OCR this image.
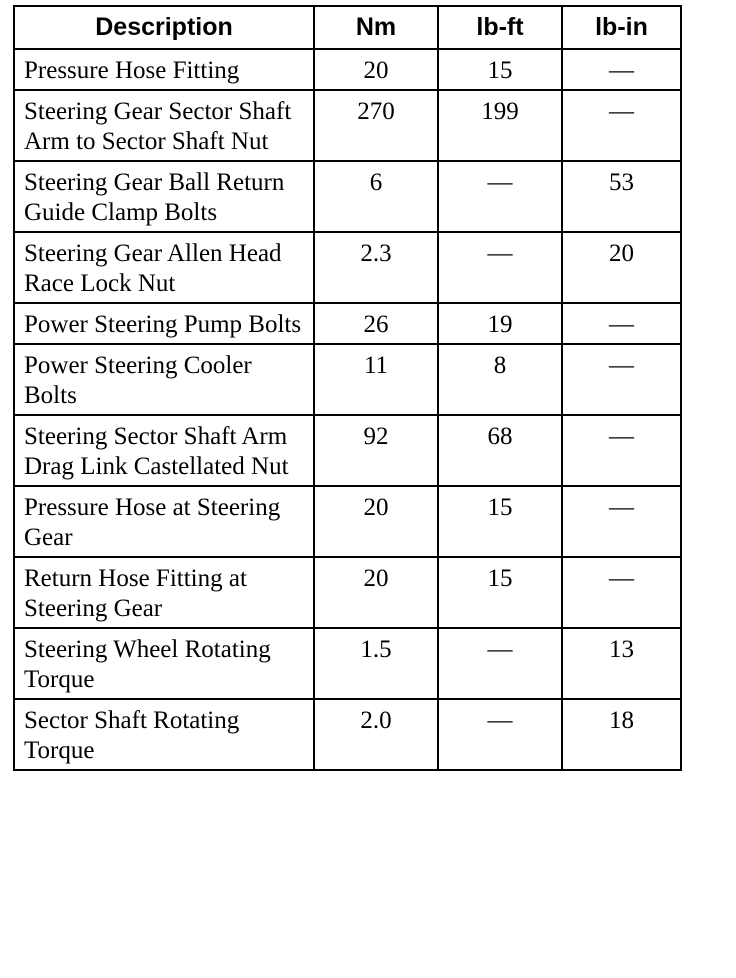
Description	Nm	lb-ft	lb-in
Pressure Hose Fitting	20	15	—
Steering Gear Sector Shaft Arm to Sector Shaft Nut	270	199	—
Steering Gear Ball Return Guide Clamp Bolts	6	—	53
Steering Gear Allen Head Race Lock Nut	2.3	—	20
Power Steering Pump Bolts	26	19	—
Power Steering Cooler Bolts	11	8	—
Steering Sector Shaft Arm Drag Link Castellated Nut	92	68	—
Pressure Hose at Steering Gear	20	15	—
Return Hose Fitting at Steering Gear	20	15	—
Steering Wheel Rotating Torque	1.5	—	13
Sector Shaft Rotating Torque	2.0	—	18
